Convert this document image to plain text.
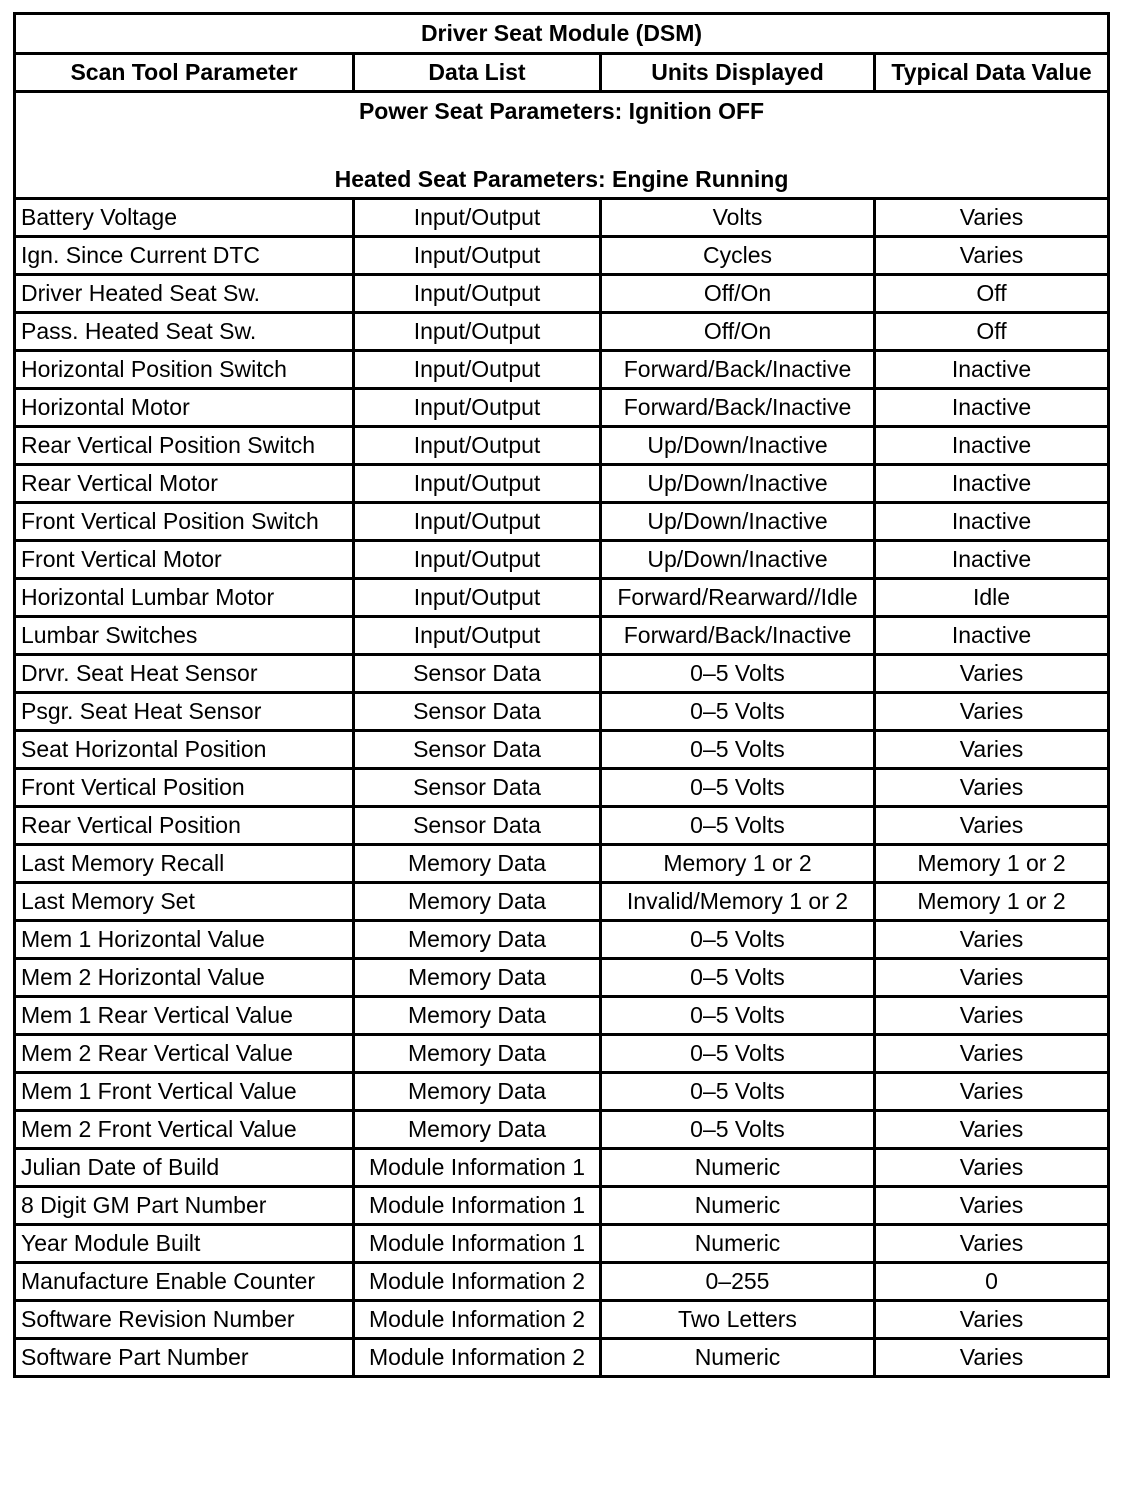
Driver Seat Module (DSM)			
Scan Tool Parameter	Data List	Units Displayed	Typical Data Value

Power Seat Parameters: Ignition OFF
Heated Seat Parameters: Engine Running			

Battery Voltage	Input/Output	Volts	Varies
Ign. Since Current DTC	Input/Output	Cycles	Varies
Driver Heated Seat Sw.	Input/Output	Off/On	Off
Pass. Heated Seat Sw.	Input/Output	Off/On	Off
Horizontal Position Switch	Input/Output	Forward/Back/Inactive	Inactive
Horizontal Motor	Input/Output	Forward/Back/Inactive	Inactive
Rear Vertical Position Switch	Input/Output	Up/Down/Inactive	Inactive
Rear Vertical Motor	Input/Output	Up/Down/Inactive	Inactive
Front Vertical Position Switch	Input/Output	Up/Down/Inactive	Inactive
Front Vertical Motor	Input/Output	Up/Down/Inactive	Inactive
Horizontal Lumbar Motor	Input/Output	Forward/Rearward//Idle	Idle
Lumbar Switches	Input/Output	Forward/Back/Inactive	Inactive
Drvr. Seat Heat Sensor	Sensor Data	0–5 Volts	Varies
Psgr. Seat Heat Sensor	Sensor Data	0–5 Volts	Varies
Seat Horizontal Position	Sensor Data	0–5 Volts	Varies
Front Vertical Position	Sensor Data	0–5 Volts	Varies
Rear Vertical Position	Sensor Data	0–5 Volts	Varies
Last Memory Recall	Memory Data	Memory 1 or 2	Memory 1 or 2
Last Memory Set	Memory Data	Invalid/Memory 1 or 2	Memory 1 or 2
Mem 1 Horizontal Value	Memory Data	0–5 Volts	Varies
Mem 2 Horizontal Value	Memory Data	0–5 Volts	Varies
Mem 1 Rear Vertical Value	Memory Data	0–5 Volts	Varies
Mem 2 Rear Vertical Value	Memory Data	0–5 Volts	Varies
Mem 1 Front Vertical Value	Memory Data	0–5 Volts	Varies
Mem 2 Front Vertical Value	Memory Data	0–5 Volts	Varies
Julian Date of Build	Module Information 1	Numeric	Varies
8 Digit GM Part Number	Module Information 1	Numeric	Varies
Year Module Built	Module Information 1	Numeric	Varies
Manufacture Enable Counter	Module Information 2	0–255	0
Software Revision Number	Module Information 2	Two Letters	Varies
Software Part Number	Module Information 2	Numeric	Varies
